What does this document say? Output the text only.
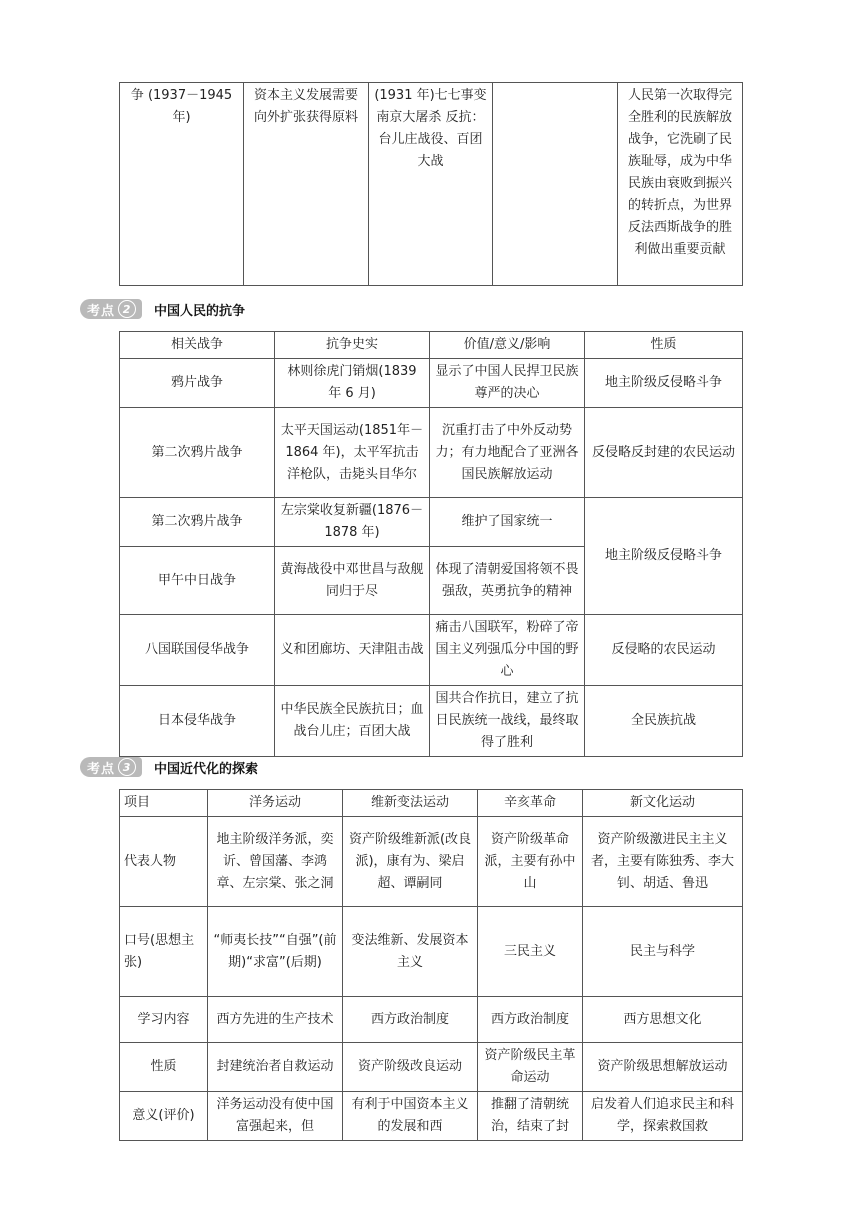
争 (1937－1945 年)	资本主义发展需要向外扩张获得原料	(1931 年)七七事变 南京大屠杀 反抗：台儿庄战役、百团大战		人民第一次取得完全胜利的民族解放战争，它洗刷了民族耻辱，成为中华民族由衰败到振兴的转折点，为世界反法西斯战争的胜利做出重要贡献
考点 2	中国人民的抗争
相关战争	抗争史实	价值/意义/影响	性质
鸦片战争	林则徐虎门销烟(1839 年 6 月)	显示了中国人民捍卫民族尊严的决心	地主阶级反侵略斗争
第二次鸦片战争	太平天国运动(1851年－1864 年)，太平军抗击洋枪队，击毙头目华尔	沉重打击了中外反动势力；有力地配合了亚洲各国民族解放运动	反侵略反封建的农民运动
第二次鸦片战争	左宗棠收复新疆(1876－1878 年)	维护了国家统一	地主阶级反侵略斗争
甲午中日战争	黄海战役中邓世昌与敌舰同归于尽	体现了清朝爱国将领不畏强敌，英勇抗争的精神	
八国联国侵华战争	义和团廊坊、天津阻击战	痛击八国联军，粉碎了帝国主义列强瓜分中国的野心	反侵略的农民运动
日本侵华战争	中华民族全民族抗日；血战台儿庄；百团大战	国共合作抗日，建立了抗日民族统一战线，最终取得了胜利	全民族抗战
考点 3	中国近代化的探索
项目	洋务运动	维新变法运动	辛亥革命	新文化运动
代表人物	地主阶级洋务派，奕䜣、曾国藩、李鸿章、左宗棠、张之洞	资产阶级维新派(改良派)，康有为、梁启超、谭嗣同	资产阶级革命派，主要有孙中山	资产阶级激进民主主义者，主要有陈独秀、李大钊、胡适、鲁迅
口号(思想主张)	“师夷长技”“自强”(前期)“求富”(后期)	变法维新、发展资本主义	三民主义	民主与科学
学习内容	西方先进的生产技术	西方政治制度	西方政治制度	西方思想文化
性质	封建统治者自救运动	资产阶级改良运动	资产阶级民主革命运动	资产阶级思想解放运动
意义(评价)	洋务运动没有使中国富强起来，但	有利于中国资本主义的发展和西	推翻了清朝统治，结束了封	启发着人们追求民主和科学，探索救国救
